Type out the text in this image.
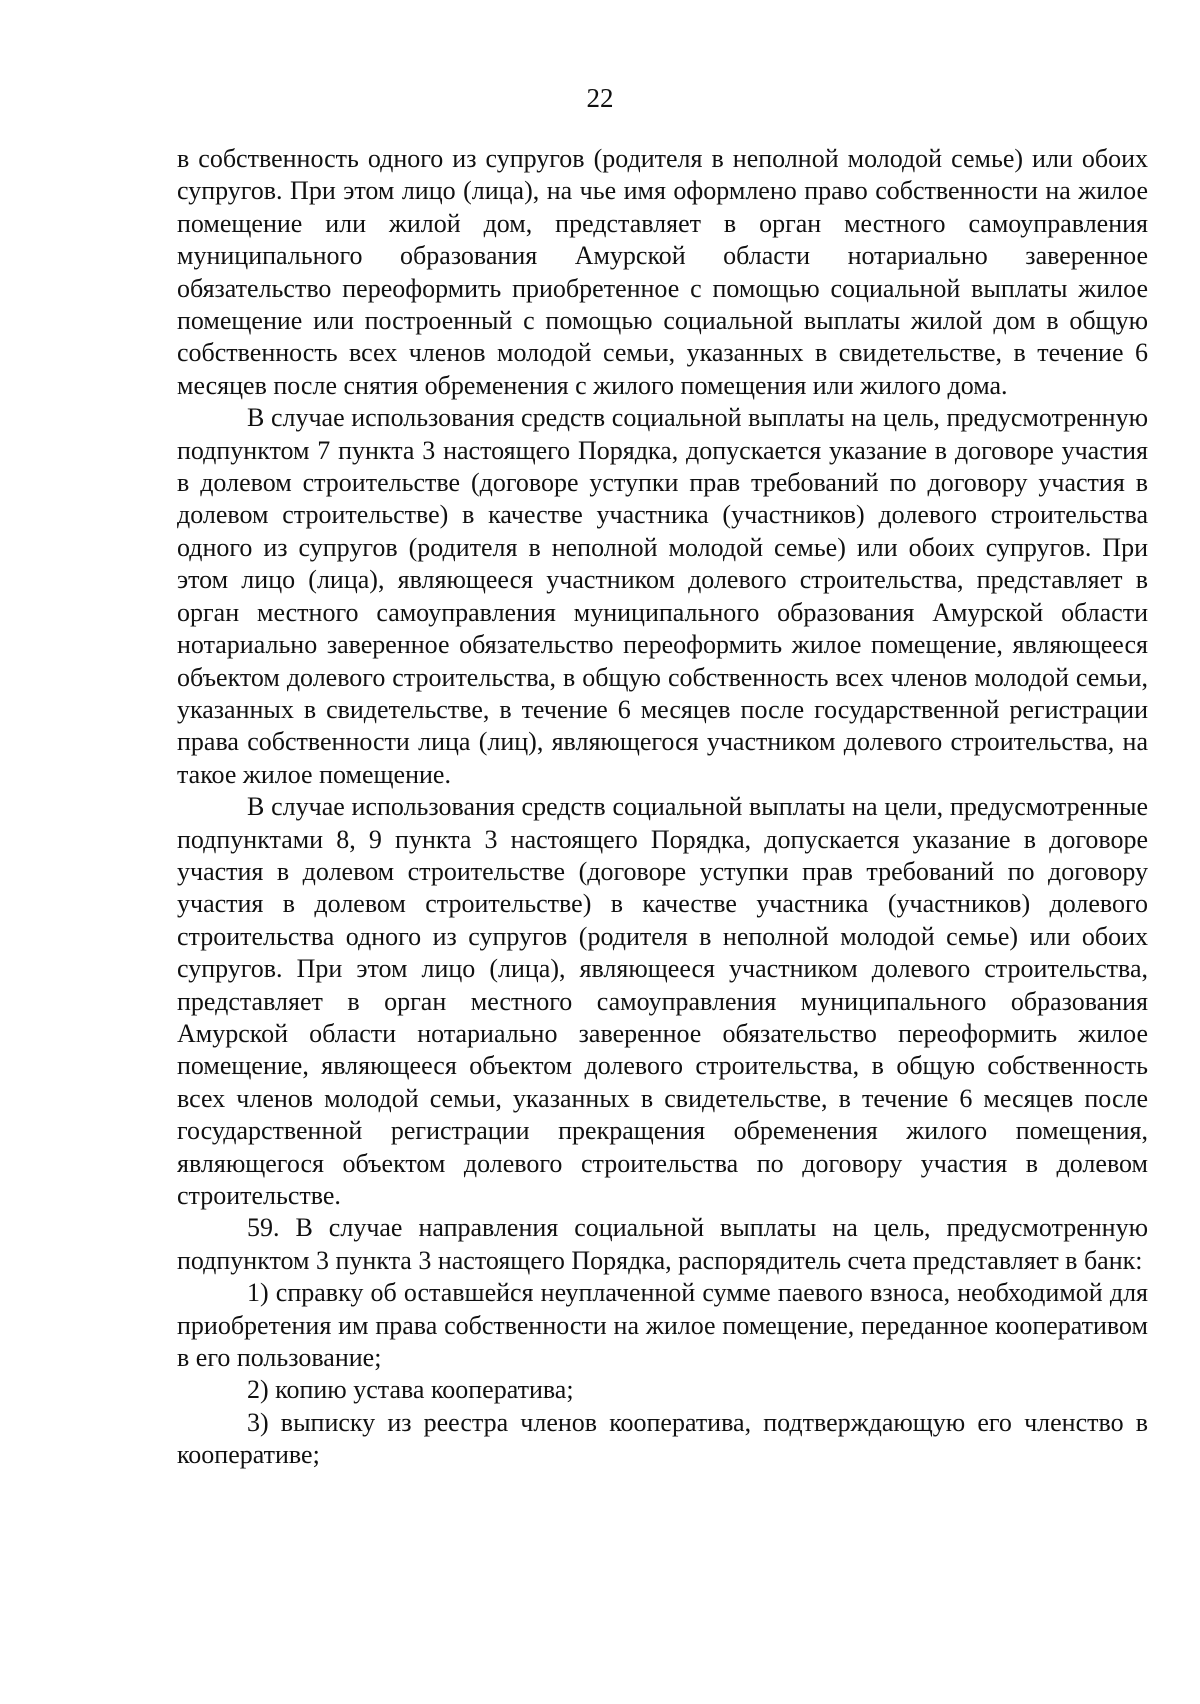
22

в собственность одного из супругов (родителя в неполной молодой семье) или обоих супругов. При этом лицо (лица), на чье имя оформлено право собственности на жилое помещение или жилой дом, представляет в орган местного самоуправления муниципального образования Амурской области нотариально заверенное обязательство переоформить приобретенное с помощью социальной выплаты жилое помещение или построенный с помощью социальной выплаты жилой дом в общую собственность всех членов молодой семьи, указанных в свидетельстве, в течение 6 месяцев после снятия обременения с жилого помещения или жилого дома.

В случае использования средств социальной выплаты на цель, предусмотренную подпунктом 7 пункта 3 настоящего Порядка, допускается указание в договоре участия в долевом строительстве (договоре уступки прав требований по договору участия в долевом строительстве) в качестве участника (участников) долевого строительства одного из супругов (родителя в неполной молодой семье) или обоих супругов. При этом лицо (лица), являющееся участником долевого строительства, представляет в орган местного самоуправления муниципального образования Амурской области нотариально заверенное обязательство переоформить жилое помещение, являющееся объектом долевого строительства, в общую собственность всех членов молодой семьи, указанных в свидетельстве, в течение 6 месяцев после государственной регистрации права собственности лица (лиц), являющегося участником долевого строительства, на такое жилое помещение.

В случае использования средств социальной выплаты на цели, предусмотренные подпунктами 8, 9 пункта 3 настоящего Порядка, допускается указание в договоре участия в долевом строительстве (договоре уступки прав требований по договору участия в долевом строительстве) в качестве участника (участников) долевого строительства одного из супругов (родителя в неполной молодой семье) или обоих супругов. При этом лицо (лица), являющееся участником долевого строительства, представляет в орган местного самоуправления муниципального образования Амурской области нотариально заверенное обязательство переоформить жилое помещение, являющееся объектом долевого строительства, в общую собственность всех членов молодой семьи, указанных в свидетельстве, в течение 6 месяцев после государственной регистрации прекращения обременения жилого помещения, являющегося объектом долевого строительства по договору участия в долевом строительстве.

59. В случае направления социальной выплаты на цель, предусмотренную подпунктом 3 пункта 3 настоящего Порядка, распорядитель счета представляет в банк:

1) справку об оставшейся неуплаченной сумме паевого взноса, необходимой для приобретения им права собственности на жилое помещение, переданное кооперативом в его пользование;

2) копию устава кооператива;

3) выписку из реестра членов кооператива, подтверждающую его членство в кооперативе;
